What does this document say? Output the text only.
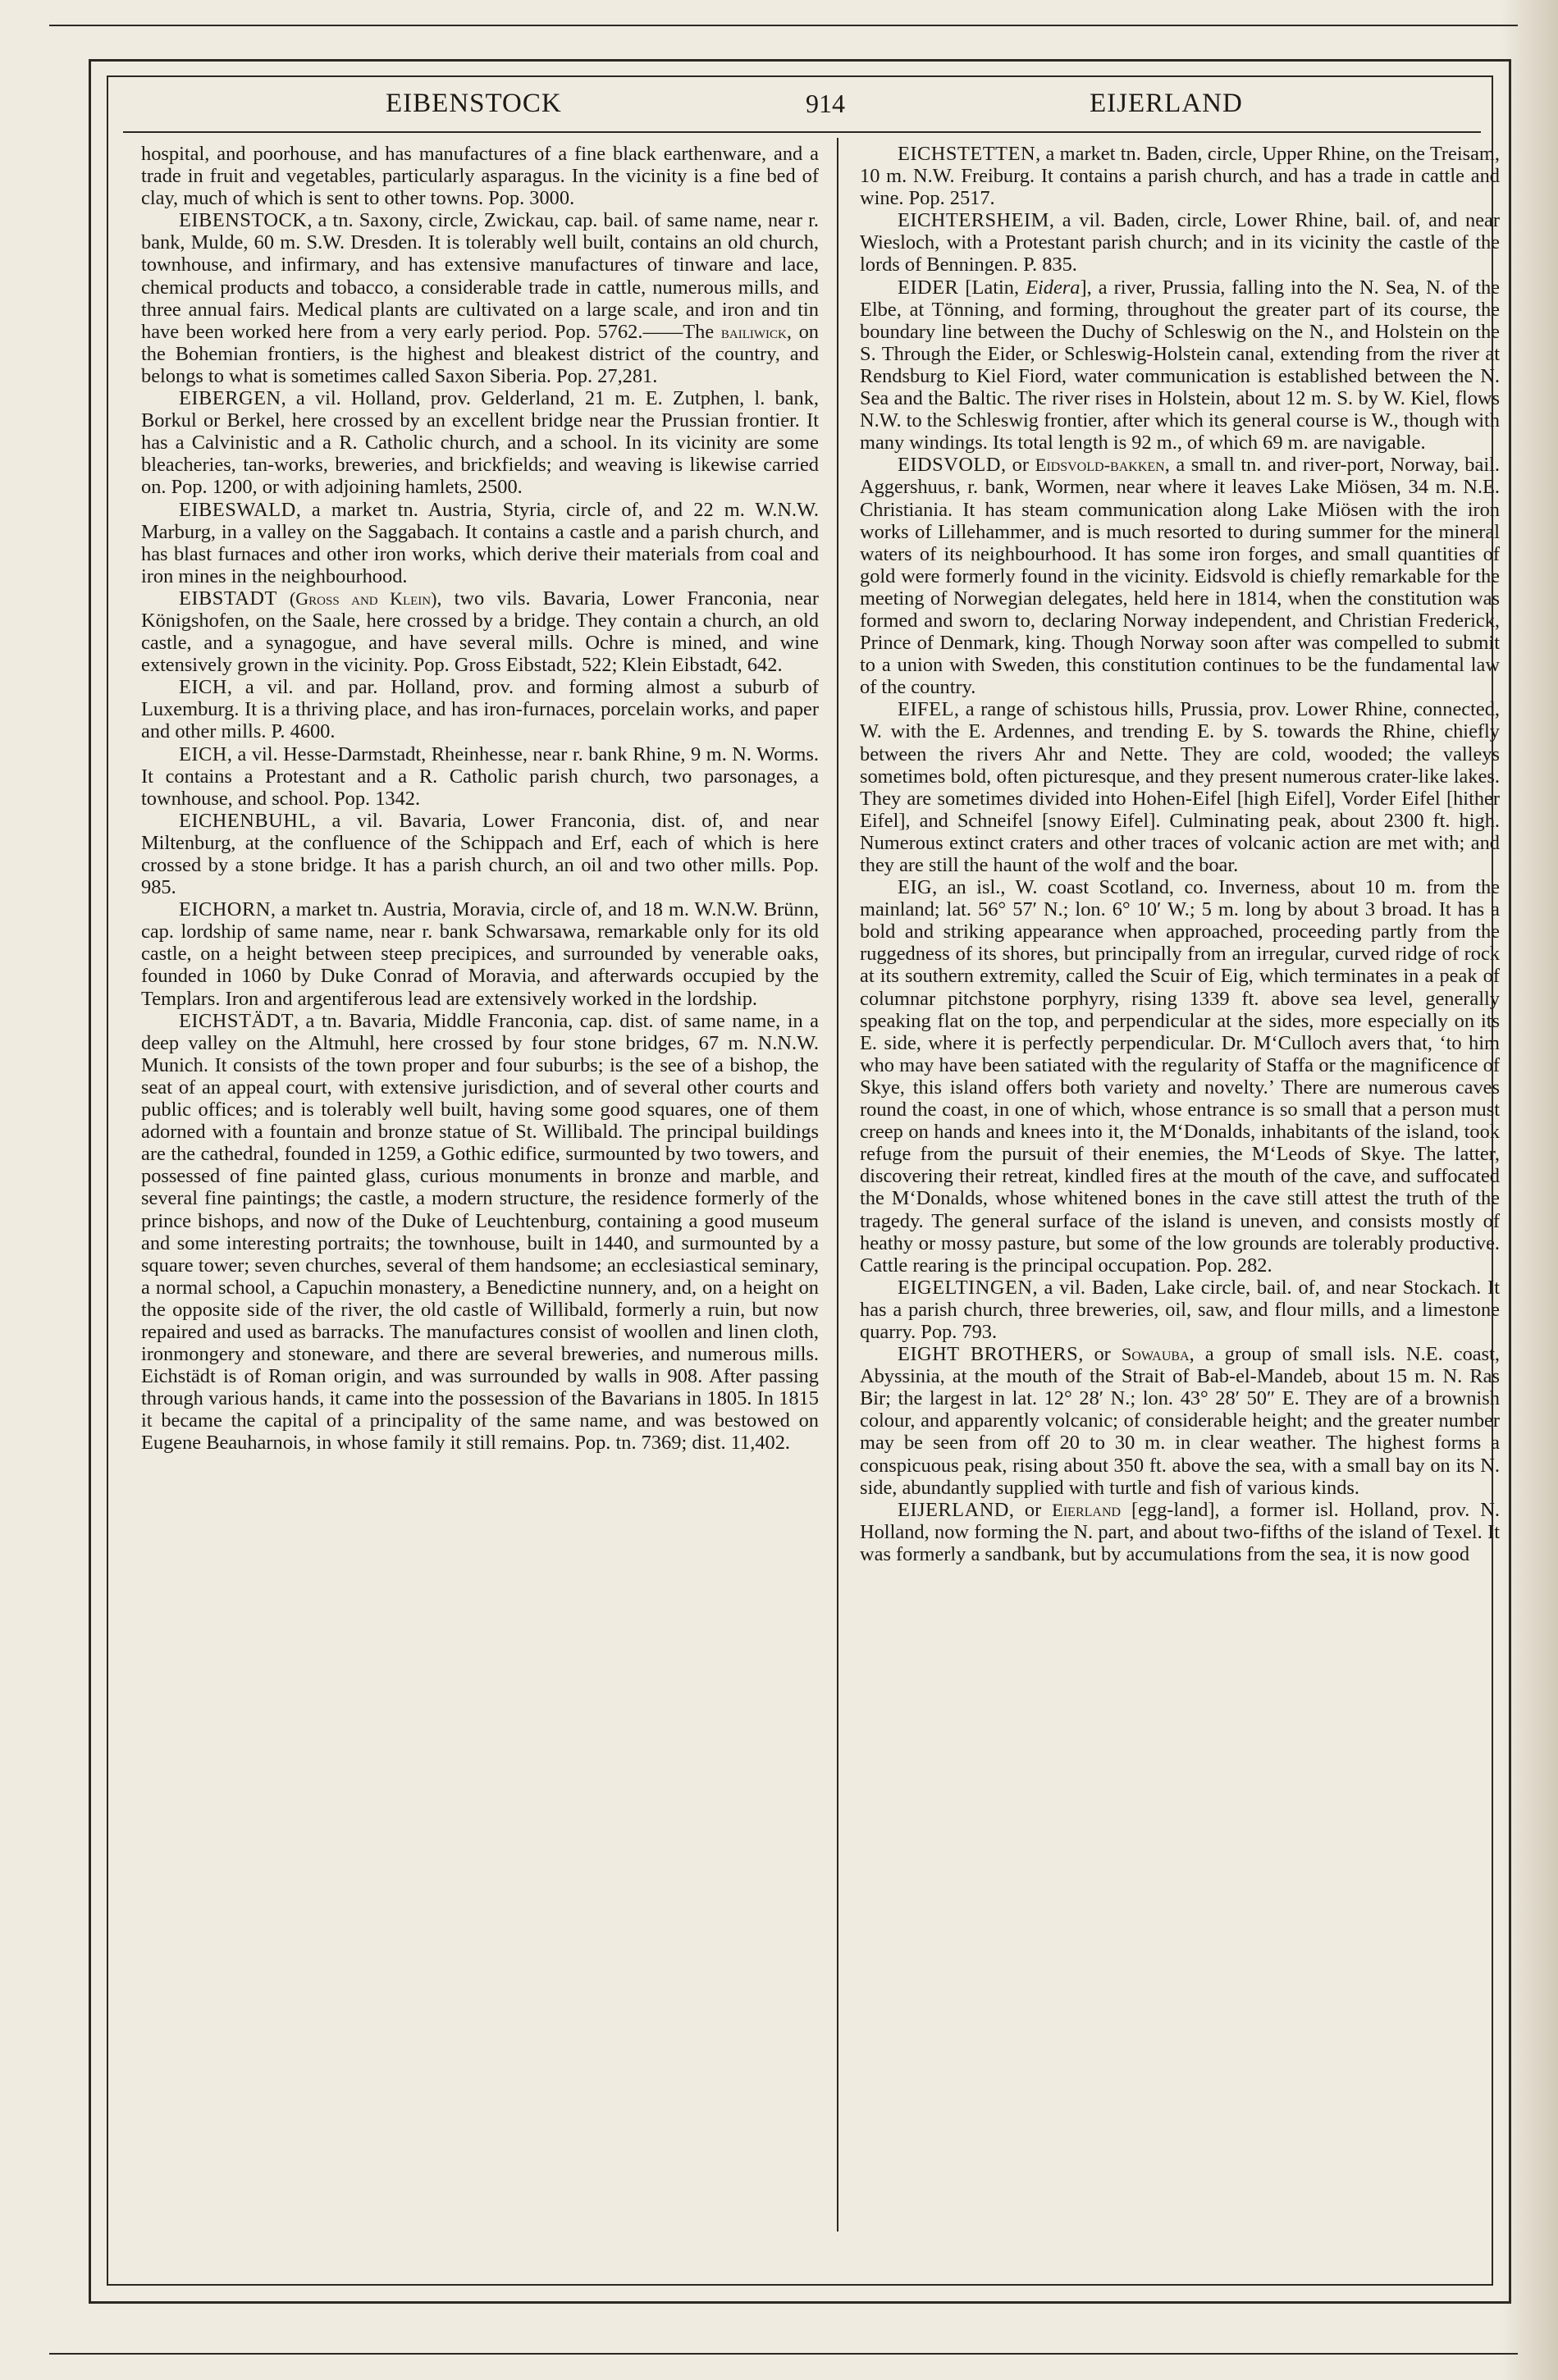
EIBENSTOCK	914	EIJERLAND

hospital, and poorhouse, and has manufactures of a fine black earthenware, and a trade in fruit and vegetables, particularly asparagus. In the vicinity is a fine bed of clay, much of which is sent to other towns. Pop. 3000.

EIBENSTOCK, a tn. Saxony, circle, Zwickau, cap. bail. of same name, near r. bank, Mulde, 60 m. S.W. Dresden. It is tolerably well built, contains an old church, townhouse, and infirmary, and has extensive manufactures of tinware and lace, chemical products and tobacco, a considerable trade in cattle, numerous mills, and three annual fairs. Medical plants are cultivated on a large scale, and iron and tin have been worked here from a very early period. Pop. 5762.——The bailiwick, on the Bohemian frontiers, is the highest and bleakest district of the country, and belongs to what is sometimes called Saxon Siberia. Pop. 27,281.

EIBERGEN, a vil. Holland, prov. Gelderland, 21 m. E. Zutphen, l. bank, Borkul or Berkel, here crossed by an excellent bridge near the Prussian frontier. It has a Calvinistic and a R. Catholic church, and a school. In its vicinity are some bleacheries, tan-works, breweries, and brickfields; and weaving is likewise carried on. Pop. 1200, or with adjoining hamlets, 2500.

EIBESWALD, a market tn. Austria, Styria, circle of, and 22 m. W.N.W. Marburg, in a valley on the Saggabach. It contains a castle and a parish church, and has blast furnaces and other iron works, which derive their materials from coal and iron mines in the neighbourhood.

EIBSTADT (Gross and Klein), two vils. Bavaria, Lower Franconia, near Königshofen, on the Saale, here crossed by a bridge. They contain a church, an old castle, and a synagogue, and have several mills. Ochre is mined, and wine extensively grown in the vicinity. Pop. Gross Eibstadt, 522; Klein Eibstadt, 642.

EICH, a vil. and par. Holland, prov. and forming almost a suburb of Luxemburg. It is a thriving place, and has iron-furnaces, porcelain works, and paper and other mills. P. 4600.

EICH, a vil. Hesse-Darmstadt, Rheinhesse, near r. bank Rhine, 9 m. N. Worms. It contains a Protestant and a R. Catholic parish church, two parsonages, a townhouse, and school. Pop. 1342.

EICHENBUHL, a vil. Bavaria, Lower Franconia, dist. of, and near Miltenburg, at the confluence of the Schippach and Erf, each of which is here crossed by a stone bridge. It has a parish church, an oil and two other mills. Pop. 985.

EICHORN, a market tn. Austria, Moravia, circle of, and 18 m. W.N.W. Brünn, cap. lordship of same name, near r. bank Schwarsawa, remarkable only for its old castle, on a height between steep precipices, and surrounded by venerable oaks, founded in 1060 by Duke Conrad of Moravia, and afterwards occupied by the Templars. Iron and argentiferous lead are extensively worked in the lordship.

EICHSTÄDT, a tn. Bavaria, Middle Franconia, cap. dist. of same name, in a deep valley on the Altmuhl, here crossed by four stone bridges, 67 m. N.N.W. Munich. It consists of the town proper and four suburbs; is the see of a bishop, the seat of an appeal court, with extensive jurisdiction, and of several other courts and public offices; and is tolerably well built, having some good squares, one of them adorned with a fountain and bronze statue of St. Willibald. The principal buildings are the cathedral, founded in 1259, a Gothic edifice, surmounted by two towers, and possessed of fine painted glass, curious monuments in bronze and marble, and several fine paintings; the castle, a modern structure, the residence formerly of the prince bishops, and now of the Duke of Leuchtenburg, containing a good museum and some interesting portraits; the townhouse, built in 1440, and surmounted by a square tower; seven churches, several of them handsome; an ecclesiastical seminary, a normal school, a Capuchin monastery, a Benedictine nunnery, and, on a height on the opposite side of the river, the old castle of Willibald, formerly a ruin, but now repaired and used as barracks. The manufactures consist of woollen and linen cloth, ironmongery and stoneware, and there are several breweries, and numerous mills. Eichstädt is of Roman origin, and was surrounded by walls in 908. After passing through various hands, it came into the possession of the Bavarians in 1805. In 1815 it became the capital of a principality of the same name, and was bestowed on Eugene Beauharnois, in whose family it still remains. Pop. tn. 7369; dist. 11,402.

EICHSTETTEN, a market tn. Baden, circle, Upper Rhine, on the Treisam, 10 m. N.W. Freiburg. It contains a parish church, and has a trade in cattle and wine. Pop. 2517.

EICHTERSHEIM, a vil. Baden, circle, Lower Rhine, bail. of, and near Wiesloch, with a Protestant parish church; and in its vicinity the castle of the lords of Benningen. P. 835.

EIDER [Latin, Eidera], a river, Prussia, falling into the N. Sea, N. of the Elbe, at Tönning, and forming, throughout the greater part of its course, the boundary line between the Duchy of Schleswig on the N., and Holstein on the S. Through the Eider, or Schleswig-Holstein canal, extending from the river at Rendsburg to Kiel Fiord, water communication is established between the N. Sea and the Baltic. The river rises in Holstein, about 12 m. S. by W. Kiel, flows N.W. to the Schleswig frontier, after which its general course is W., though with many windings. Its total length is 92 m., of which 69 m. are navigable.

EIDSVOLD, or Eidsvold-bakken, a small tn. and river-port, Norway, bail. Aggershuus, r. bank, Wormen, near where it leaves Lake Miösen, 34 m. N.E. Christiania. It has steam communication along Lake Miösen with the iron works of Lillehammer, and is much resorted to during summer for the mineral waters of its neighbourhood. It has some iron forges, and small quantities of gold were formerly found in the vicinity. Eidsvold is chiefly remarkable for the meeting of Norwegian delegates, held here in 1814, when the constitution was formed and sworn to, declaring Norway independent, and Christian Frederick, Prince of Denmark, king. Though Norway soon after was compelled to submit to a union with Sweden, this constitution continues to be the fundamental law of the country.

EIFEL, a range of schistous hills, Prussia, prov. Lower Rhine, connected, W. with the E. Ardennes, and trending E. by S. towards the Rhine, chiefly between the rivers Ahr and Nette. They are cold, wooded; the valleys sometimes bold, often picturesque, and they present numerous crater-like lakes. They are sometimes divided into Hohen-Eifel [high Eifel], Vorder Eifel [hither Eifel], and Schneifel [snowy Eifel]. Culminating peak, about 2300 ft. high. Numerous extinct craters and other traces of volcanic action are met with; and they are still the haunt of the wolf and the boar.

EIG, an isl., W. coast Scotland, co. Inverness, about 10 m. from the mainland; lat. 56° 57′ N.; lon. 6° 10′ W.; 5 m. long by about 3 broad. It has a bold and striking appearance when approached, proceeding partly from the ruggedness of its shores, but principally from an irregular, curved ridge of rock at its southern extremity, called the Scuir of Eig, which terminates in a peak of columnar pitchstone porphyry, rising 1339 ft. above sea level, generally speaking flat on the top, and perpendicular at the sides, more especially on its E. side, where it is perfectly perpendicular. Dr. M‘Culloch avers that, ‘to him who may have been satiated with the regularity of Staffa or the magnificence of Skye, this island offers both variety and novelty.’ There are numerous caves round the coast, in one of which, whose entrance is so small that a person must creep on hands and knees into it, the M‘Donalds, inhabitants of the island, took refuge from the pursuit of their enemies, the M‘Leods of Skye. The latter, discovering their retreat, kindled fires at the mouth of the cave, and suffocated the M‘Donalds, whose whitened bones in the cave still attest the truth of the tragedy. The general surface of the island is uneven, and consists mostly of heathy or mossy pasture, but some of the low grounds are tolerably productive. Cattle rearing is the principal occupation. Pop. 282.

EIGELTINGEN, a vil. Baden, Lake circle, bail. of, and near Stockach. It has a parish church, three breweries, oil, saw, and flour mills, and a limestone quarry. Pop. 793.

EIGHT BROTHERS, or Sowauba, a group of small isls. N.E. coast, Abyssinia, at the mouth of the Strait of Bab-el-Mandeb, about 15 m. N. Ras Bir; the largest in lat. 12° 28′ N.; lon. 43° 28′ 50″ E. They are of a brownish colour, and apparently volcanic; of considerable height; and the greater number may be seen from off 20 to 30 m. in clear weather. The highest forms a conspicuous peak, rising about 350 ft. above the sea, with a small bay on its N. side, abundantly supplied with turtle and fish of various kinds.

EIJERLAND, or Eierland [egg-land], a former isl. Holland, prov. N. Holland, now forming the N. part, and about two-fifths of the island of Texel. It was formerly a sandbank, but by accumulations from the sea, it is now good
